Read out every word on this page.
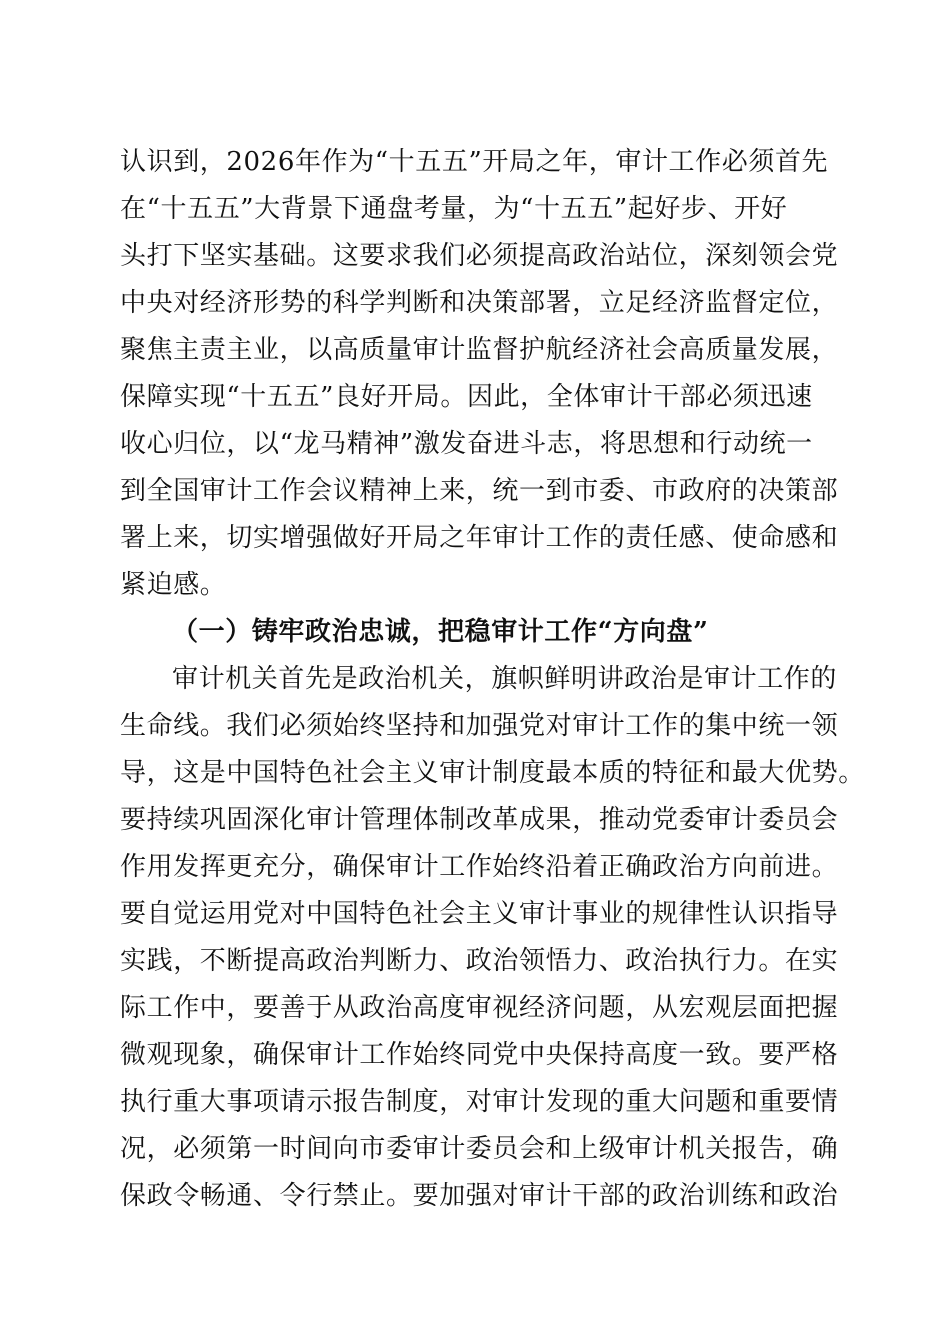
认识到，2026年作为“十五五”开局之年，审计工作必须首先
在“十五五”大背景下通盘考量，为“十五五”起好步、开好
头打下坚实基础。这要求我们必须提高政治站位，深刻领会党
中央对经济形势的科学判断和决策部署，立足经济监督定位，
聚焦主责主业，以高质量审计监督护航经济社会高质量发展，
保障实现“十五五”良好开局。因此，全体审计干部必须迅速
收心归位，以“龙马精神”激发奋进斗志，将思想和行动统一
到全国审计工作会议精神上来，统一到市委、市政府的决策部
署上来，切实增强做好开局之年审计工作的责任感、使命感和
紧迫感。
（一）铸牢政治忠诚，把稳审计工作“方向盘”
审计机关首先是政治机关，旗帜鲜明讲政治是审计工作的
生命线。我们必须始终坚持和加强党对审计工作的集中统一领
导，这是中国特色社会主义审计制度最本质的特征和最大优势。
要持续巩固深化审计管理体制改革成果，推动党委审计委员会
作用发挥更充分，确保审计工作始终沿着正确政治方向前进。
要自觉运用党对中国特色社会主义审计事业的规律性认识指导
实践，不断提高政治判断力、政治领悟力、政治执行力。在实
际工作中，要善于从政治高度审视经济问题，从宏观层面把握
微观现象，确保审计工作始终同党中央保持高度一致。要严格
执行重大事项请示报告制度，对审计发现的重大问题和重要情
况，必须第一时间向市委审计委员会和上级审计机关报告，确
保政令畅通、令行禁止。要加强对审计干部的政治训练和政治
